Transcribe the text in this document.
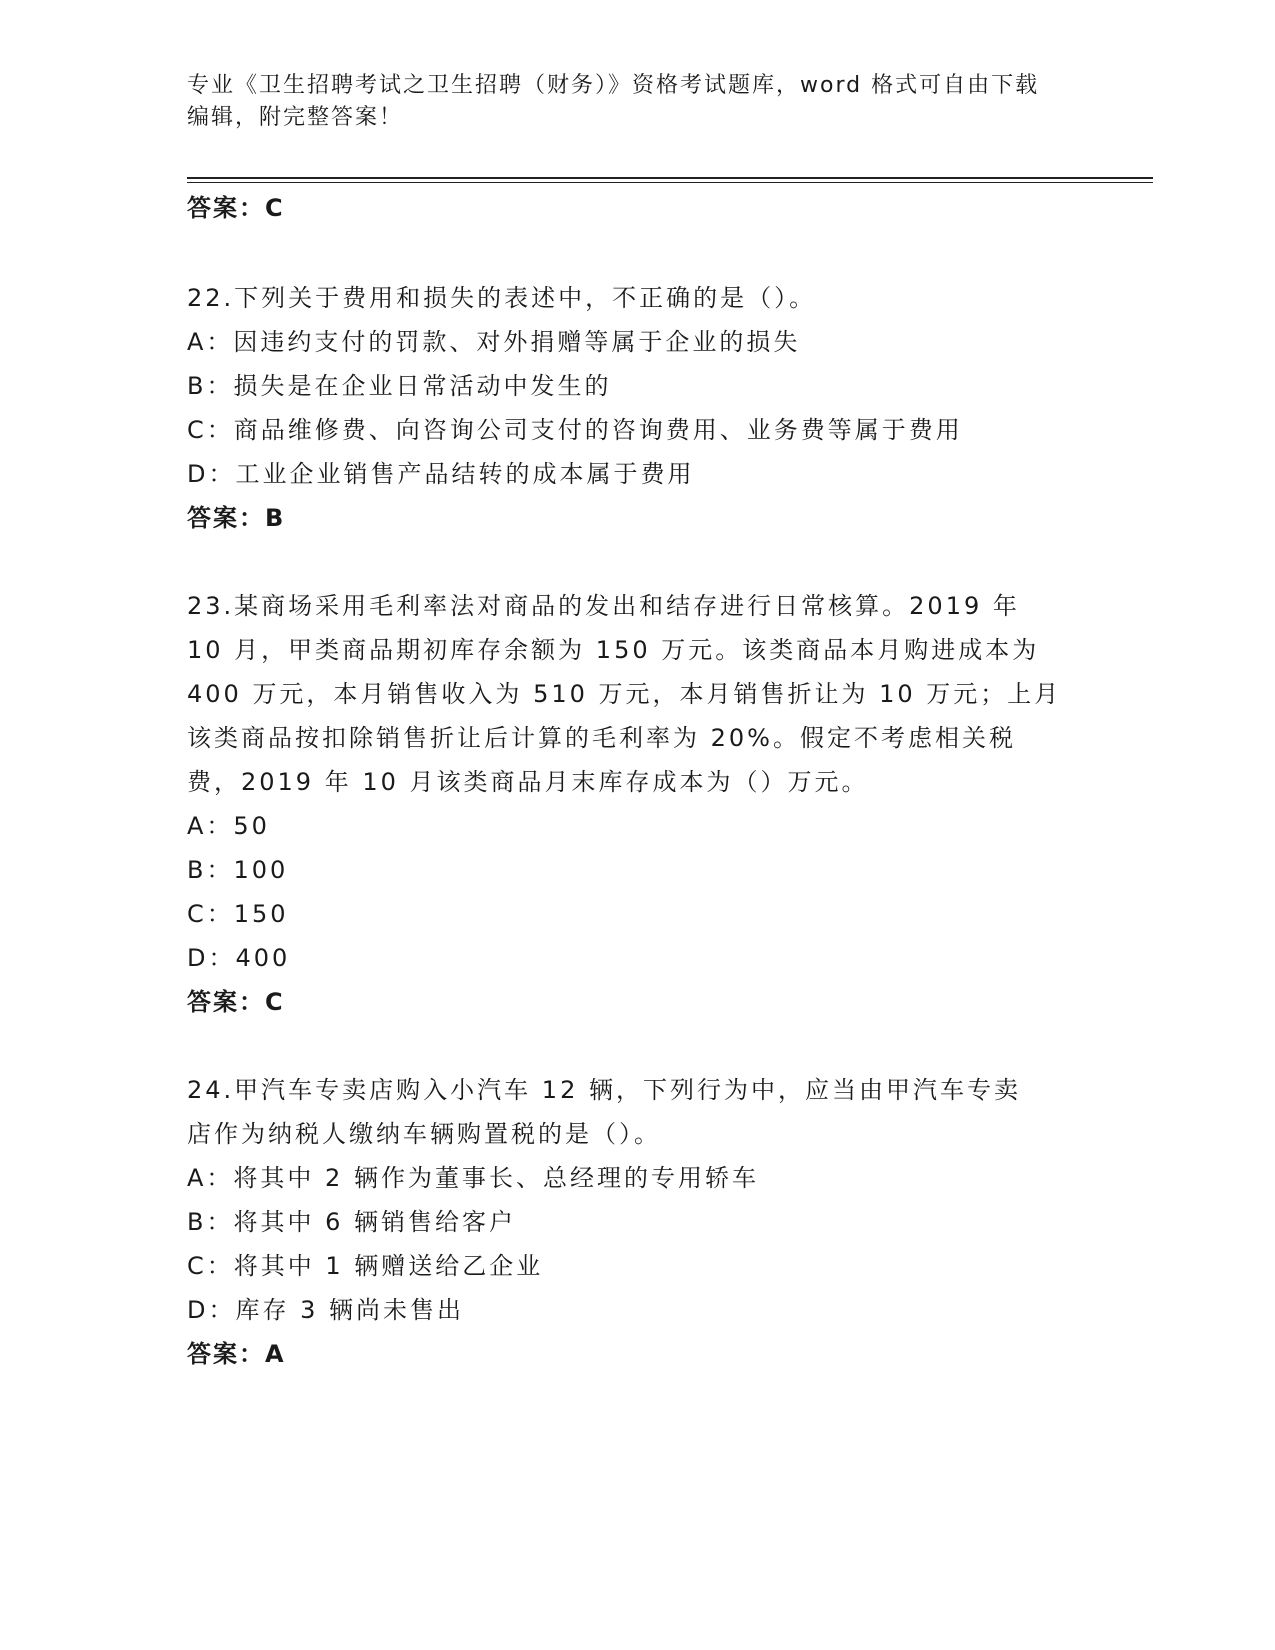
专业《卫生招聘考试之卫生招聘（财务）》资格考试题库，word 格式可自由下载
编辑，附完整答案！
答案：C
22.下列关于费用和损失的表述中，不正确的是（）。
A：因违约支付的罚款、对外捐赠等属于企业的损失
B：损失是在企业日常活动中发生的
C：商品维修费、向咨询公司支付的咨询费用、业务费等属于费用
D：工业企业销售产品结转的成本属于费用
答案：B
23.某商场采用毛利率法对商品的发出和结存进行日常核算。2019 年
10 月，甲类商品期初库存余额为 150 万元。该类商品本月购进成本为
400 万元，本月销售收入为 510 万元，本月销售折让为 10 万元；上月
该类商品按扣除销售折让后计算的毛利率为 20%。假定不考虑相关税
费，2019 年 10 月该类商品月末库存成本为（）万元。
A：50
B：100
C：150
D：400
答案：C
24.甲汽车专卖店购入小汽车 12 辆，下列行为中，应当由甲汽车专卖
店作为纳税人缴纳车辆购置税的是（）。
A：将其中 2 辆作为董事长、总经理的专用轿车
B：将其中 6 辆销售给客户
C：将其中 1 辆赠送给乙企业
D：库存 3 辆尚未售出
答案：A
